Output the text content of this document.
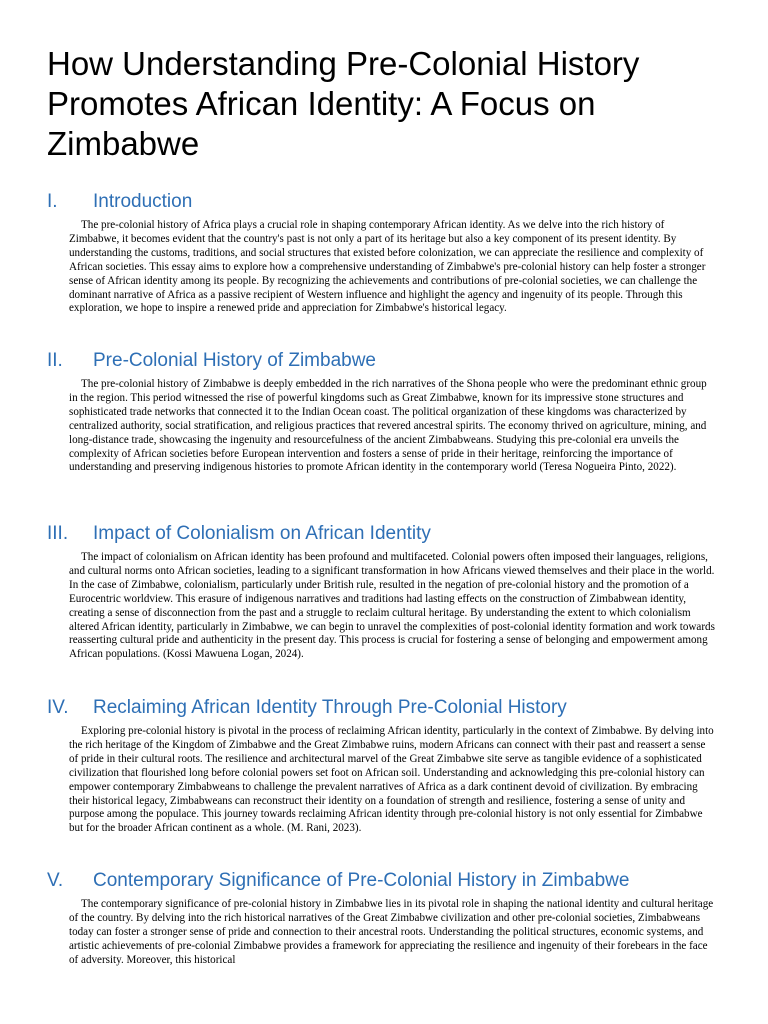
How Understanding Pre-Colonial History Promotes African Identity: A Focus on Zimbabwe
I. Introduction

The pre-colonial history of Africa plays a crucial role in shaping contemporary African identity. As we delve into the rich history of Zimbabwe, it becomes evident that the country's past is not only a part of its heritage but also a key component of its present identity. By understanding the customs, traditions, and social structures that existed before colonization, we can appreciate the resilience and complexity of African societies. This essay aims to explore how a comprehensive understanding of Zimbabwe's pre-colonial history can help foster a stronger sense of African identity among its people. By recognizing the achievements and contributions of pre-colonial societies, we can challenge the dominant narrative of Africa as a passive recipient of Western influence and highlight the agency and ingenuity of its people. Through this exploration, we hope to inspire a renewed pride and appreciation for Zimbabwe's historical legacy.

II. Pre-Colonial History of Zimbabwe

The pre-colonial history of Zimbabwe is deeply embedded in the rich narratives of the Shona people who were the predominant ethnic group in the region. This period witnessed the rise of powerful kingdoms such as Great Zimbabwe, known for its impressive stone structures and sophisticated trade networks that connected it to the Indian Ocean coast. The political organization of these kingdoms was characterized by centralized authority, social stratification, and religious practices that revered ancestral spirits. The economy thrived on agriculture, mining, and long-distance trade, showcasing the ingenuity and resourcefulness of the ancient Zimbabweans. Studying this pre-colonial era unveils the complexity of African societies before European intervention and fosters a sense of pride in their heritage, reinforcing the importance of understanding and preserving indigenous histories to promote African identity in the contemporary world (Teresa Nogueira Pinto, 2022).

III. Impact of Colonialism on African Identity

The impact of colonialism on African identity has been profound and multifaceted. Colonial powers often imposed their languages, religions, and cultural norms onto African societies, leading to a significant transformation in how Africans viewed themselves and their place in the world. In the case of Zimbabwe, colonialism, particularly under British rule, resulted in the negation of pre-colonial history and the promotion of a Eurocentric worldview. This erasure of indigenous narratives and traditions had lasting effects on the construction of Zimbabwean identity, creating a sense of disconnection from the past and a struggle to reclaim cultural heritage. By understanding the extent to which colonialism altered African identity, particularly in Zimbabwe, we can begin to unravel the complexities of post-colonial identity formation and work towards reasserting cultural pride and authenticity in the present day. This process is crucial for fostering a sense of belonging and empowerment among African populations. (Kossi Mawuena Logan, 2024).

IV. Reclaiming African Identity Through Pre-Colonial History

Exploring pre-colonial history is pivotal in the process of reclaiming African identity, particularly in the context of Zimbabwe. By delving into the rich heritage of the Kingdom of Zimbabwe and the Great Zimbabwe ruins, modern Africans can connect with their past and reassert a sense of pride in their cultural roots. The resilience and architectural marvel of the Great Zimbabwe site serve as tangible evidence of a sophisticated civilization that flourished long before colonial powers set foot on African soil. Understanding and acknowledging this pre-colonial history can empower contemporary Zimbabweans to challenge the prevalent narratives of Africa as a dark continent devoid of civilization. By embracing their historical legacy, Zimbabweans can reconstruct their identity on a foundation of strength and resilience, fostering a sense of unity and purpose among the populace. This journey towards reclaiming African identity through pre-colonial history is not only essential for Zimbabwe but for the broader African continent as a whole. (M. Rani, 2023).

V. Contemporary Significance of Pre-Colonial History in Zimbabwe

The contemporary significance of pre-colonial history in Zimbabwe lies in its pivotal role in shaping the national identity and cultural heritage of the country. By delving into the rich historical narratives of the Great Zimbabwe civilization and other pre-colonial societies, Zimbabweans today can foster a stronger sense of pride and connection to their ancestral roots. Understanding the political structures, economic systems, and artistic achievements of pre-colonial Zimbabwe provides a framework for appreciating the resilience and ingenuity of their forebears in the face of adversity. Moreover, this historical
